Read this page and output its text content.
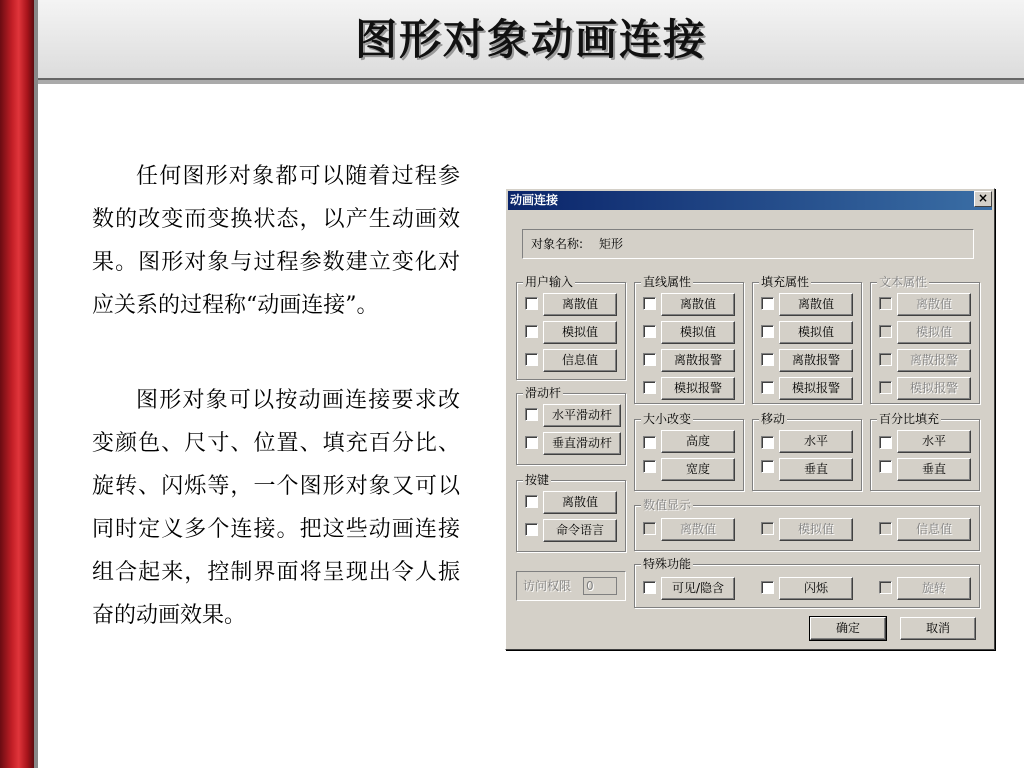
图形对象动画连接

任何图形对象都可以随着过程参数的改变而变换状态，以产生动画效果。图形对象与过程参数建立变化对应关系的过程称“动画连接”。

图形对象可以按动画连接要求改变颜色、尺寸、位置、填充百分比、旋转、闪烁等，一个图形对象又可以同时定义多个连接。把这些动画连接组合起来，控制界面将呈现出令人振奋的动画效果。

动画连接	×
对象名称: 矩形
用户输入
离散值
模拟值
信息值
直线属性
离散值
模拟值
离散报警
模拟报警
填充属性
离散值
模拟值
离散报警
模拟报警
文本属性
离散值
模拟值
离散报警
模拟报警
滑动杆
水平滑动杆
垂直滑动杆
大小改变
高度
宽度
移动
水平
垂直
百分比填充
水平
垂直
按键
离散值
命令语言
数值显示
离散值	模拟值	信息值
访问权限 0
特殊功能
可见/隐含	闪烁	旋转
确定	取消
